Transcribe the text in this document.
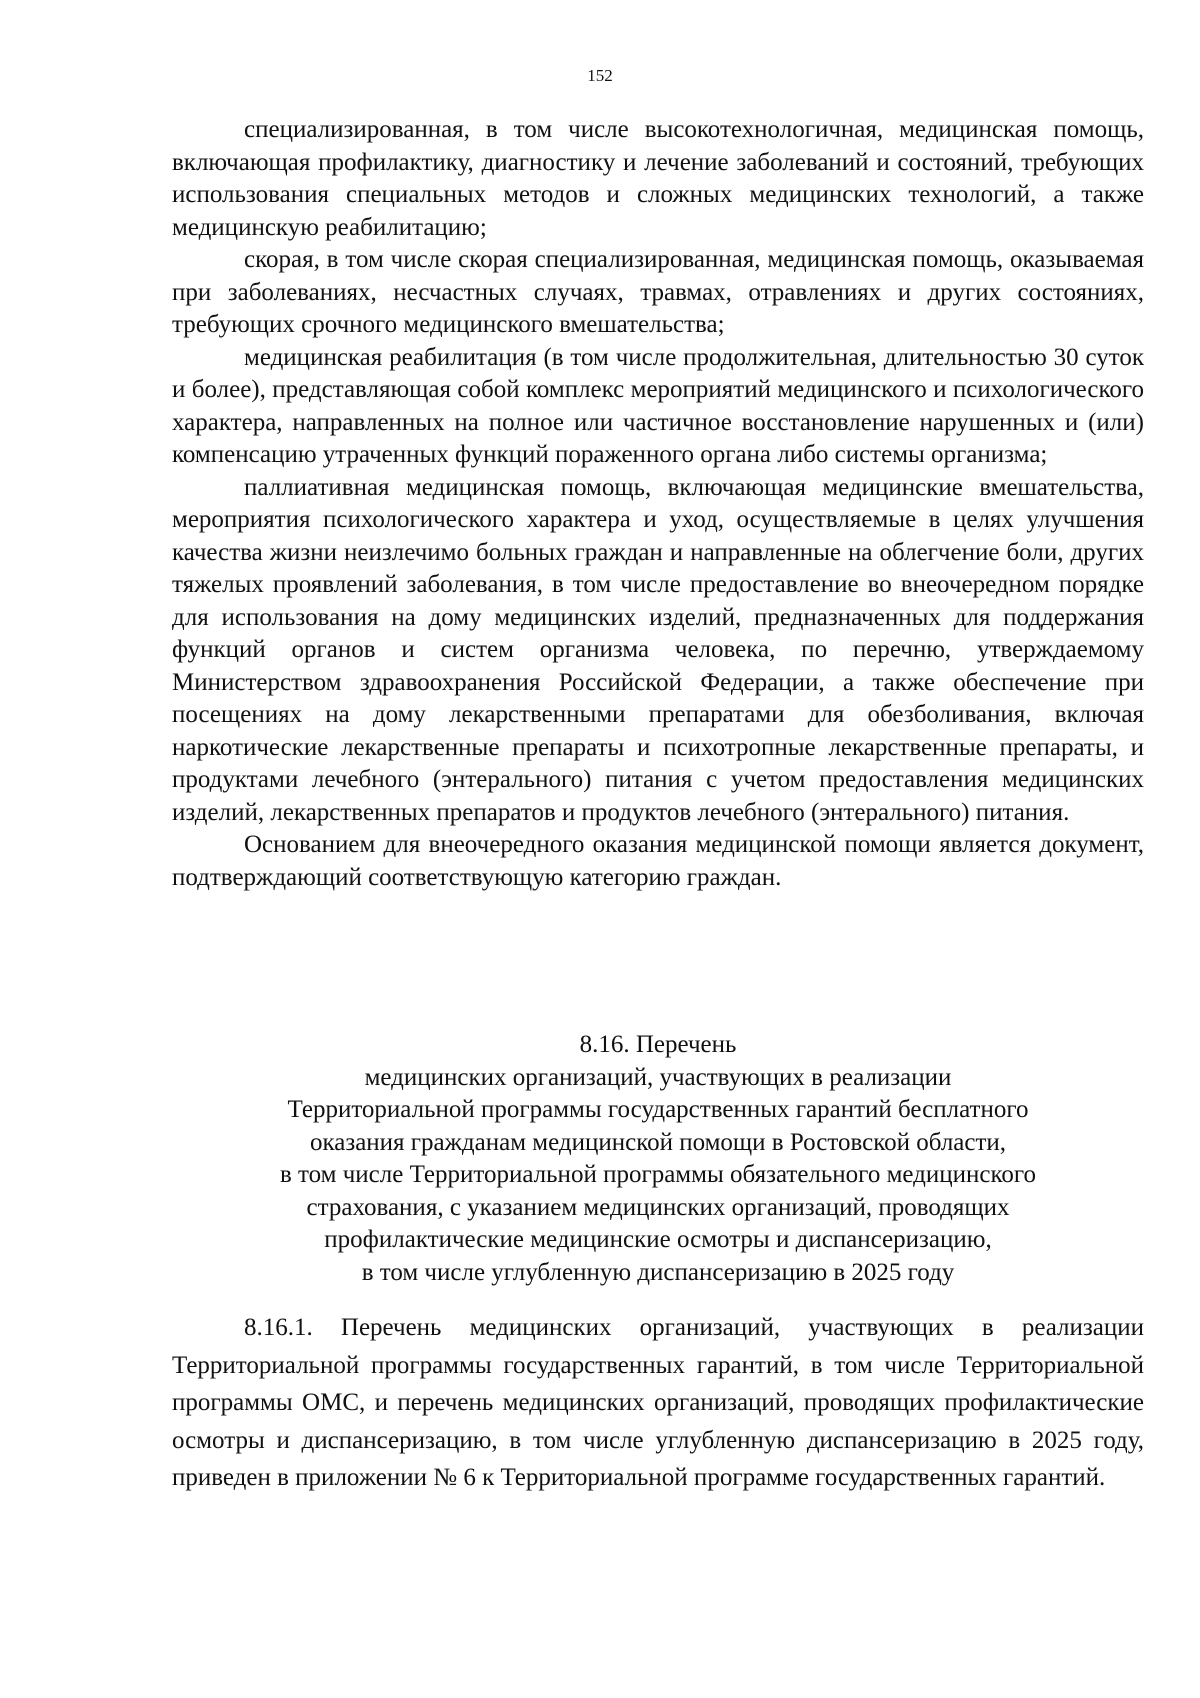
152

специализированная, в том числе высокотехнологичная, медицинская помощь, включающая профилактику, диагностику и лечение заболеваний и состояний, требующих использования специальных методов и сложных медицинских технологий, а также медицинскую реабилитацию;

скорая, в том числе скорая специализированная, медицинская помощь, оказываемая при заболеваниях, несчастных случаях, травмах, отравлениях и других состояниях, требующих срочного медицинского вмешательства;

медицинская реабилитация (в том числе продолжительная, длительностью 30 суток и более), представляющая собой комплекс мероприятий медицинского и психологического характера, направленных на полное или частичное восстановление нарушенных и (или) компенсацию утраченных функций пораженного органа либо системы организма;

паллиативная медицинская помощь, включающая медицинские вмешательства, мероприятия психологического характера и уход, осуществляемые в целях улучшения качества жизни неизлечимо больных граждан и направленные на облегчение боли, других тяжелых проявлений заболевания, в том числе предоставление во внеочередном порядке для использования на дому медицинских изделий, предназначенных для поддержания функций органов и систем организма человека, по перечню, утверждаемому Министерством здравоохранения Российской Федерации, а также обеспечение при посещениях на дому лекарственными препаратами для обезболивания, включая наркотические лекарственные препараты и психотропные лекарственные препараты, и продуктами лечебного (энтерального) питания с учетом предоставления медицинских изделий, лекарственных препаратов и продуктов лечебного (энтерального) питания.

Основанием для внеочередного оказания медицинской помощи является документ, подтверждающий соответствующую категорию граждан.

8.16. Перечень
медицинских организаций, участвующих в реализации
Территориальной программы государственных гарантий бесплатного
оказания гражданам медицинской помощи в Ростовской области,
в том числе Территориальной программы обязательного медицинского
страхования, с указанием медицинских организаций, проводящих
профилактические медицинские осмотры и диспансеризацию,
в том числе углубленную диспансеризацию в 2025 году

8.16.1. Перечень медицинских организаций, участвующих в реализации Территориальной программы государственных гарантий, в том числе Территориальной программы ОМС, и перечень медицинских организаций, проводящих профилактические осмотры и диспансеризацию, в том числе углубленную диспансеризацию в 2025 году, приведен в приложении № 6 к Территориальной программе государственных гарантий.
